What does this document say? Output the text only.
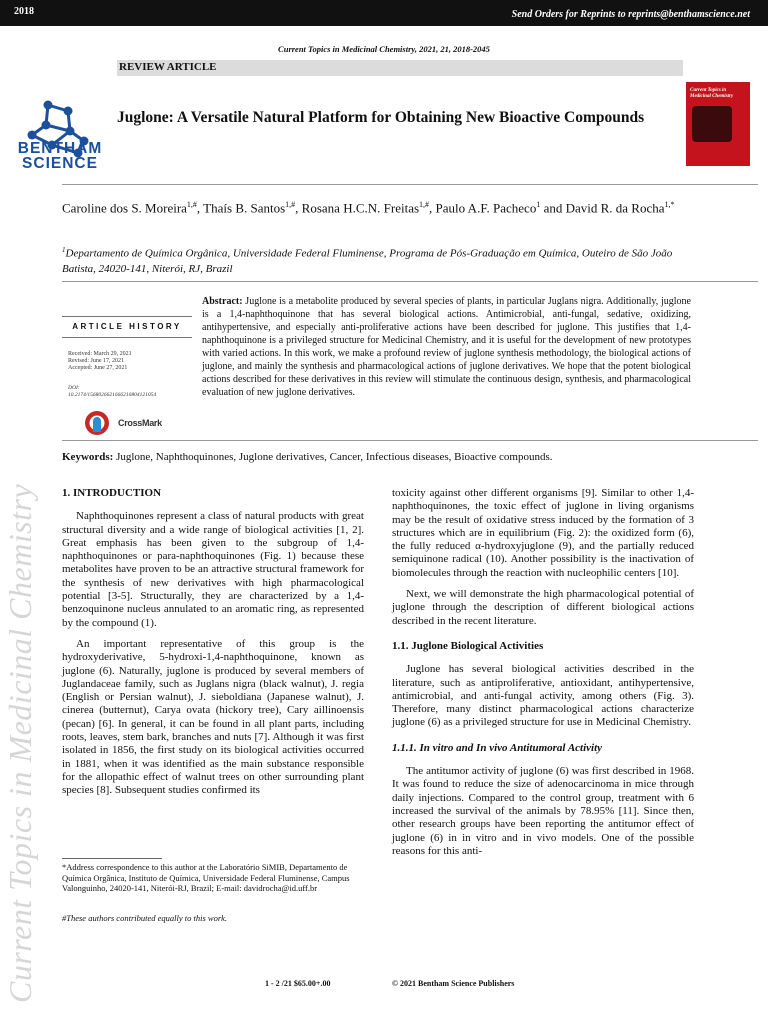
2018	Send Orders for Reprints to reprints@benthamscience.net
Current Topics in Medicinal Chemistry, 2021, 21, 2018-2045
REVIEW ARTICLE
BENTHAM SCIENCE
Juglone: A Versatile Natural Platform for Obtaining New Bioactive Compounds
Current Topics in Medicinal Chemistry
Caroline dos S. Moreira$^{1,\#}$, Thaís B. Santos$^{1,\#}$, Rosana H.C.N. Freitas$^{1,\#}$, Paulo A.F. Pacheco$^1$ and David R. da Rocha$^{1,*}$
$^1$Departamento de Química Orgânica, Universidade Federal Fluminense, Programa de Pós-Graduação em Química, Outeiro de São João Batista, 24020-141, Niterói, RJ, Brazil
Current Topics in Medicinal Chemistry
ARTICLE HISTORY
Received: March 29, 2021
Revised: June 17, 2021
Accepted: June 27, 2021
DOI:
10.2174/1568026621666210804121054
CrossMark
Abstract: Juglone is a metabolite produced by several species of plants, in particular Juglans nigra. Additionally, juglone is a 1,4-naphthoquinone that has several biological actions. Antimicrobial, anti-fungal, sedative, oxidizing, antihypertensive, and especially anti-proliferative actions have been described for juglone. This justifies that 1,4-naphthoquinone is a privileged structure for Medicinal Chemistry, and it is useful for the development of new prototypes with varied actions. In this work, we make a profound review of juglone synthesis methodology, the biological actions of juglone, and mainly the synthesis and pharmacological actions of juglone derivatives. We hope that the potent biological actions described for these derivatives in this review will stimulate the continuous design, synthesis, and pharmacological evaluation of new juglone derivatives.
Keywords: Juglone, Naphthoquinones, Juglone derivatives, Cancer, Infectious diseases, Bioactive compounds.
1. INTRODUCTION

Naphthoquinones represent a class of natural products with great structural diversity and a wide range of biological activities [1, 2]. Great emphasis has been given to the subgroup of 1,4-naphthoquinones or para-naphthoquinones (Fig. 1) because these metabolites have proven to be an attractive structural framework for the synthesis of new derivatives with high pharmacological potential [3-5]. Structurally, they are characterized by a 1,4-benzoquinone nucleus annulated to an aromatic ring, as represented by the compound (1).

An important representative of this group is the hydroxyderivative, 5-hydroxi-1,4-naphthoquinone, known as juglone (6). Naturally, juglone is produced by several members of Juglandaceae family, such as Juglans nigra (black walnut), J. regia (English or Persian walnut), J. sieboldiana (Japanese walnut), J. cinerea (butternut), Carya ovata (hickory tree), Cary aillinoensis (pecan) [6]. In general, it can be found in all plant parts, including roots, leaves, stem bark, branches and nuts [7]. Although it was first isolated in 1856, the first study on its biological activities occurred in 1881, when it was identified as the main substance responsible for the allopathic effect of walnut trees on other surrounding plant species [8]. Subsequent studies confirmed its

toxicity against other different organisms [9]. Similar to other 1,4-naphthoquinones, the toxic effect of juglone in living organisms may be the result of oxidative stress induced by the formation of 3 structures which are in equilibrium (Fig. 2): the oxidized form (6), the fully reduced α-hydroxyjuglone (9), and the partially reduced semiquinone radical (10). Another possibility is the inactivation of biomolecules through the reaction with nucleophilic centers [10].

Next, we will demonstrate the high pharmacological potential of juglone through the description of different biological actions described in the recent literature.

1.1. Juglone Biological Activities

Juglone has several biological activities described in the literature, such as antiproliferative, antioxidant, antihypertensive, antimicrobial, and anti-fungal activity, among others (Fig. 3). Therefore, many distinct pharmacological actions characterize juglone (6) as a privileged structure for use in Medicinal Chemistry.

1.1.1. In vitro and In vivo Antitumoral Activity

The antitumor activity of juglone (6) was first described in 1968. It was found to reduce the size of adenocarcinoma in mice through daily injections. Compared to the control group, treatment with 6 increased the survival of the animals by 78.95% [11]. Since then, other research groups have been reporting the antitumor effect of juglone (6) in in vitro and in vivo models. One of the possible reasons for this anti-

*Address correspondence to this author at the Laboratório SiMIB, Departamento de Química Orgânica, Instituto de Química, Universidade Federal Fluminense, Campus Valonguinho, 24020-141, Niterói-RJ, Brazil; E-mail: davidrocha@id.uff.br
#These authors contributed equally to this work.
1 - 2 /21 $65.00+.00	© 2021 Bentham Science Publishers
